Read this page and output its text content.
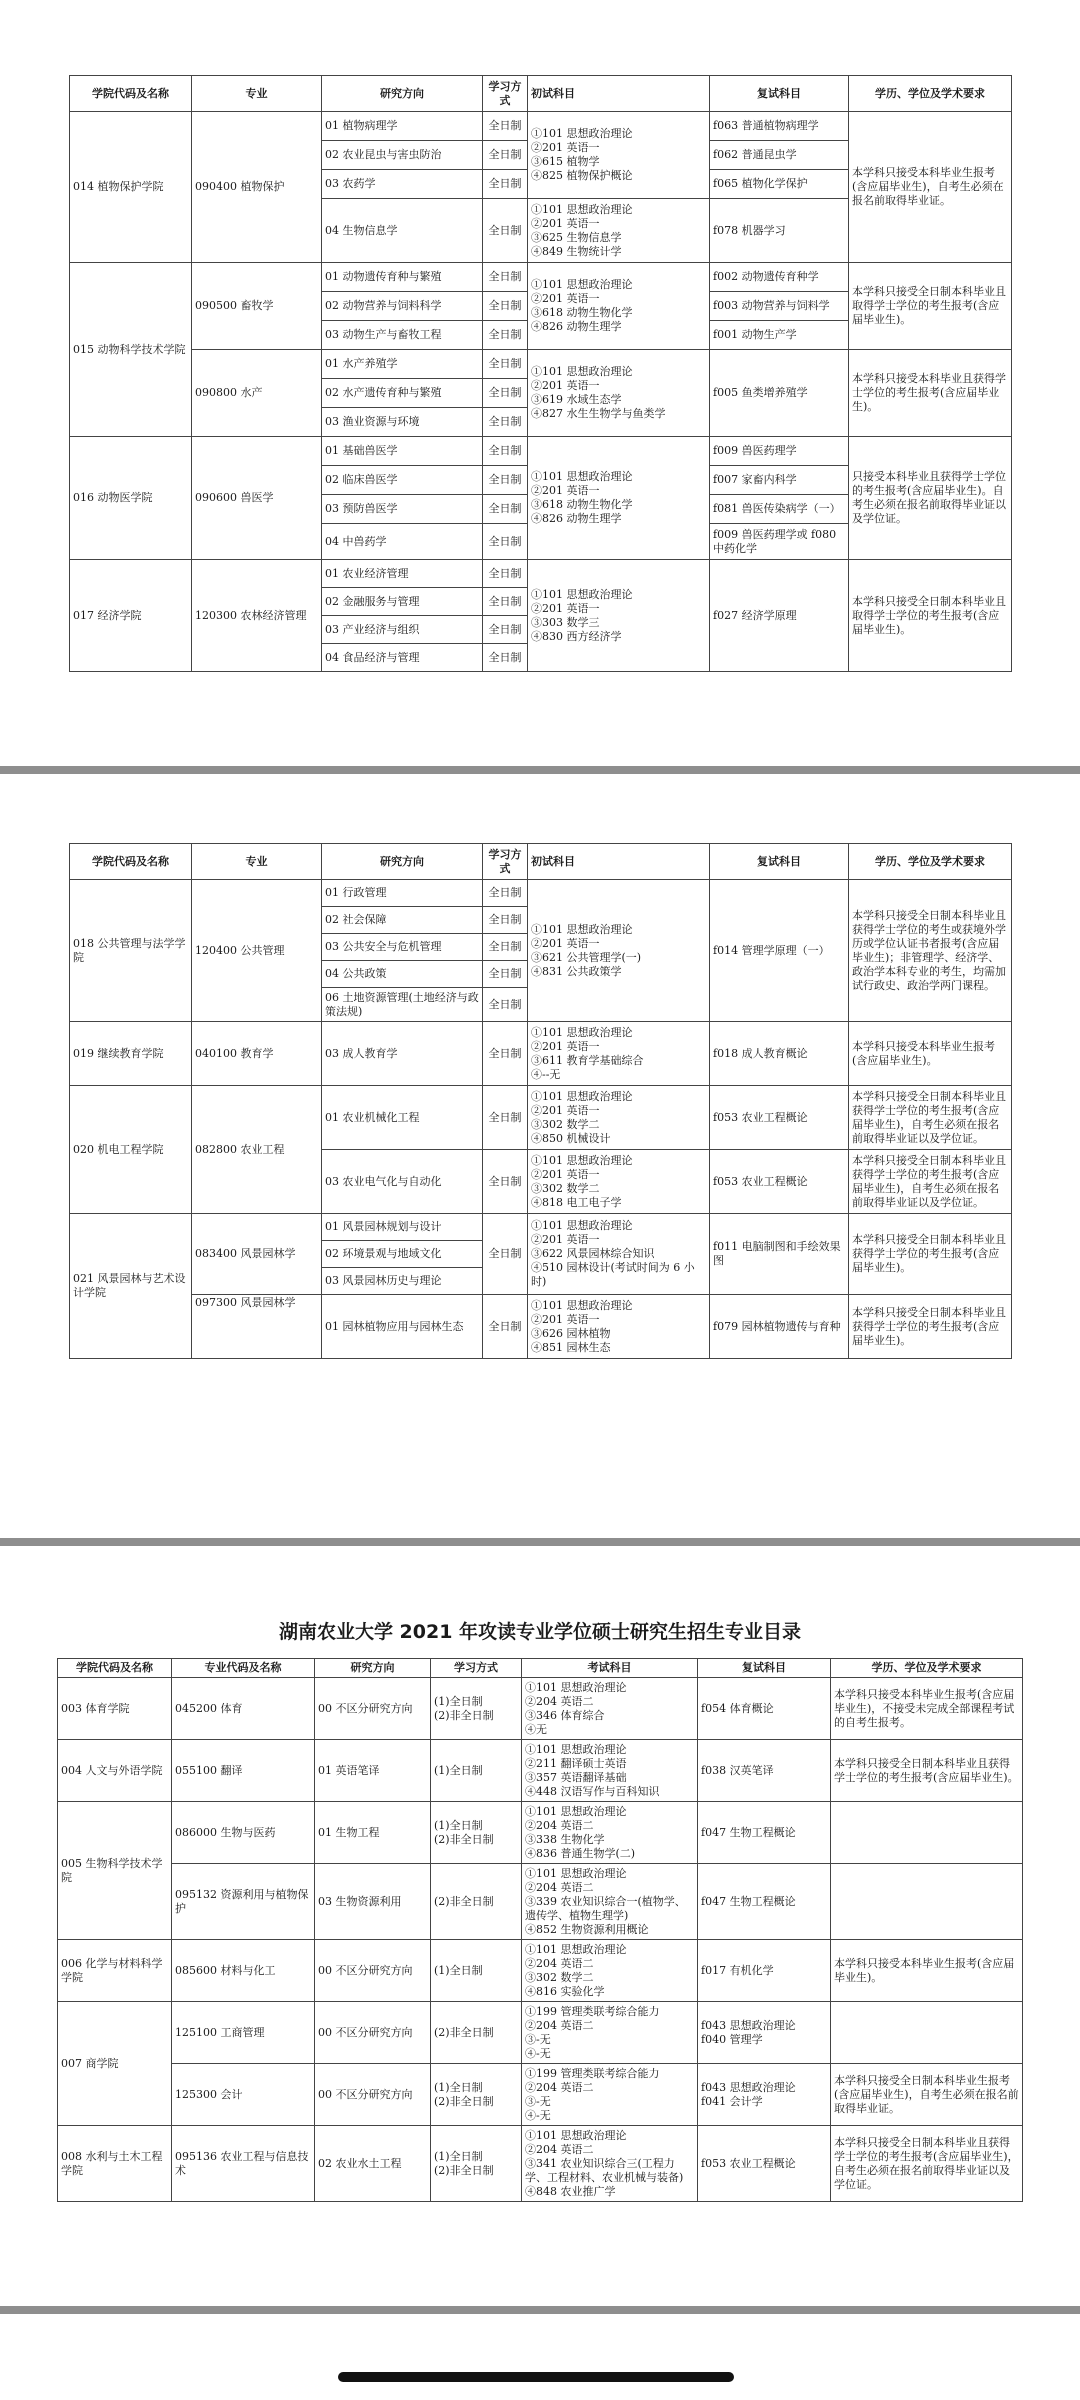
学院代码及名称	专业	研究方向	学习方式	初试科目	复试科目	学历、学位及学术要求
014 植物保护学院	090400 植物保护	01 植物病理学	全日制	①101 思想政治理论
②201 英语一
③615 植物学
④825 植物保护概论	f063 普通植物病理学	本学科只接受本科毕业生报考(含应届毕业生)，自考生必须在报名前取得毕业证。
		02 农业昆虫与害虫防治	全日制		f062 普通昆虫学	
		03 农药学	全日制		f065 植物化学保护	
		04 生物信息学	全日制	①101 思想政治理论
②201 英语一
③625 生物信息学
④849 生物统计学	f078 机器学习	
015 动物科学技术学院	090500 畜牧学	01 动物遗传育种与繁殖	全日制	①101 思想政治理论
②201 英语一
③618 动物生物化学
④826 动物生理学	f002 动物遗传育种学	本学科只接受全日制本科毕业且取得学士学位的考生报考(含应届毕业生)。
		02 动物营养与饲料科学	全日制		f003 动物营养与饲料学	
		03 动物生产与畜牧工程	全日制		f001 动物生产学	
	090800 水产	01 水产养殖学	全日制	①101 思想政治理论
②201 英语一
③619 水域生态学
④827 水生生物学与鱼类学	f005 鱼类增养殖学	本学科只接受本科毕业且获得学士学位的考生报考(含应届毕业生)。
		02 水产遗传育种与繁殖	全日制			
		03 渔业资源与环境	全日制			
016 动物医学院	090600 兽医学	01 基础兽医学	全日制	①101 思想政治理论
②201 英语一
③618 动物生物化学
④826 动物生理学	f009 兽医药理学	只接受本科毕业且获得学士学位的考生报考(含应届毕业生)。自考生必须在报名前取得毕业证以及学位证。
		02 临床兽医学	全日制		f007 家畜内科学	
		03 预防兽医学	全日制		f081 兽医传染病学（一）	
		04 中兽药学	全日制		f009 兽医药理学或 f080 中药化学	
017 经济学院	120300 农林经济管理	01 农业经济管理	全日制	①101 思想政治理论
②201 英语一
③303 数学三
④830 西方经济学	f027 经济学原理	本学科只接受全日制本科毕业且取得学士学位的考生报考(含应届毕业生)。
		02 金融服务与管理	全日制			
		03 产业经济与组织	全日制			
		04 食品经济与管理	全日制			
学院代码及名称	专业	研究方向	学习方式	初试科目	复试科目	学历、学位及学术要求
018 公共管理与法学学院	120400 公共管理	01 行政管理	全日制	①101 思想政治理论
②201 英语一
③621 公共管理学(一)
④831 公共政策学	f014 管理学原理（一）	本学科只接受全日制本科毕业且获得学士学位的考生或获境外学历或学位认证书者报考(含应届毕业生)；非管理学、经济学、政治学本科专业的考生，均需加试行政史、政治学两门课程。
		02 社会保障	全日制			
		03 公共安全与危机管理	全日制			
		04 公共政策	全日制			
		06 土地资源管理(土地经济与政策法规)	全日制			
019 继续教育学院	040100 教育学	03 成人教育学	全日制	①101 思想政治理论
②201 英语一
③611 教育学基础综合
④--无	f018 成人教育概论	本学科只接受本科毕业生报考(含应届毕业生)。
020 机电工程学院	082800 农业工程	01 农业机械化工程	全日制	①101 思想政治理论
②201 英语一
③302 数学二
④850 机械设计	f053 农业工程概论	本学科只接受全日制本科毕业且获得学士学位的考生报考(含应届毕业生)，自考生必须在报名前取得毕业证以及学位证。
		03 农业电气化与自动化	全日制	①101 思想政治理论
②201 英语一
③302 数学二
④818 电工电子学	f053 农业工程概论	本学科只接受全日制本科毕业且获得学士学位的考生报考(含应届毕业生)，自考生必须在报名前取得毕业证以及学位证。
021 风景园林与艺术设计学院	083400 风景园林学	01 风景园林规划与设计	全日制	①101 思想政治理论
②201 英语一
③622 风景园林综合知识
④510 园林设计(考试时间为 6 小时)	f011 电脑制图和手绘效果图	本学科只接受全日制本科毕业且获得学士学位的考生报考(含应届毕业生)。
		02 环境景观与地域文化				
		03 风景园林历史与理论				
	097300 风景园林学	01 园林植物应用与园林生态	全日制	①101 思想政治理论
②201 英语一
③626 园林植物
④851 园林生态	f079 园林植物遗传与育种	本学科只接受全日制本科毕业且获得学士学位的考生报考(含应届毕业生)。
湖南农业大学 2021 年攻读专业学位硕士研究生招生专业目录
学院代码及名称	专业代码及名称	研究方向	学习方式	考试科目	复试科目	学历、学位及学术要求
003 体育学院	045200 体育	00 不区分研究方向	(1)全日制
(2)非全日制	①101 思想政治理论
②204 英语二
③346 体育综合
④无	f054 体育概论	本学科只接受本科毕业生报考(含应届毕业生)，不接受未完成全部课程考试的自考生报考。
004 人文与外语学院	055100 翻译	01 英语笔译	(1)全日制	①101 思想政治理论
②211 翻译硕士英语
③357 英语翻译基础
④448 汉语写作与百科知识	f038 汉英笔译	本学科只接受全日制本科毕业且获得学士学位的考生报考(含应届毕业生)。
005 生物科学技术学院	086000 生物与医药	01 生物工程	(1)全日制
(2)非全日制	①101 思想政治理论
②204 英语二
③338 生物化学
④836 普通生物学(二)	f047 生物工程概论	
	095132 资源利用与植物保护	03 生物资源利用	(2)非全日制	①101 思想政治理论
②204 英语二
③339 农业知识综合一(植物学、遗传学、植物生理学)
④852 生物资源利用概论	f047 生物工程概论	
006 化学与材料科学学院	085600 材料与化工	00 不区分研究方向	(1)全日制	①101 思想政治理论
②204 英语二
③302 数学二
④816 实验化学	f017 有机化学	本学科只接受本科毕业生报考(含应届毕业生)。
007 商学院	125100 工商管理	00 不区分研究方向	(2)非全日制	①199 管理类联考综合能力
②204 英语二
③-无
④-无	f043 思想政治理论
f040 管理学	
	125300 会计	00 不区分研究方向	(1)全日制
(2)非全日制	①199 管理类联考综合能力
②204 英语二
③-无
④-无	f043 思想政治理论
f041 会计学	本学科只接受全日制本科毕业生报考(含应届毕业生)，自考生必须在报名前取得毕业证。
008 水利与土木工程学院	095136 农业工程与信息技术	02 农业水土工程	(1)全日制
(2)非全日制	①101 思想政治理论
②204 英语二
③341 农业知识综合三(工程力学、工程材料、农业机械与装备)
④848 农业推广学	f053 农业工程概论	本学科只接受全日制本科毕业且获得学士学位的考生报考(含应届毕业生)，自考生必须在报名前取得毕业证以及学位证。
